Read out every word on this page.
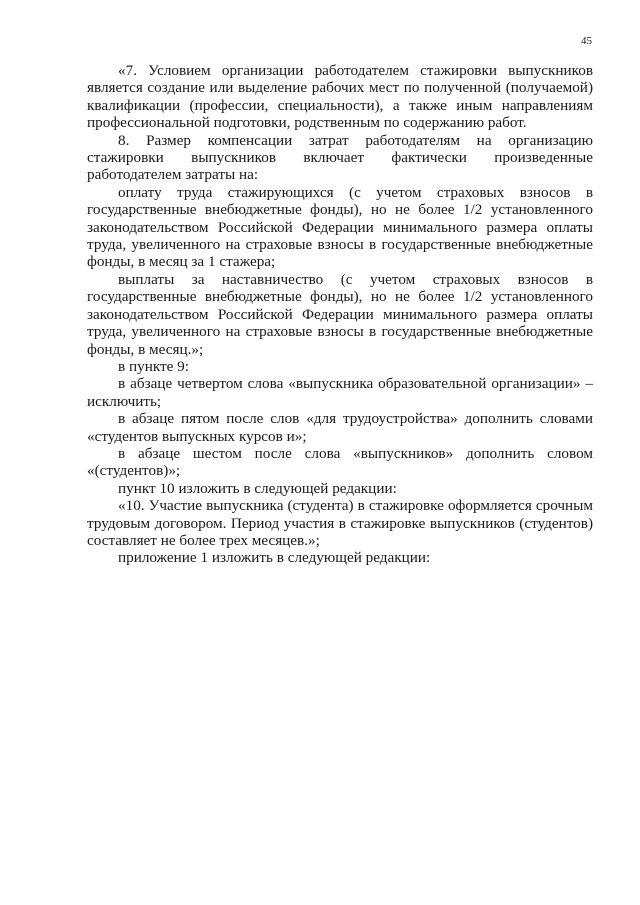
45

«7. Условием организации работодателем стажировки выпускников является создание или выделение рабочих мест по полученной (получаемой) квалификации (профессии, специальности), а также иным направлениям профессиональной подготовки, родственным по содержанию работ.

8. Размер компенсации затрат работодателям на организацию стажировки выпускников включает фактически произведенные работодателем затраты на:

оплату труда стажирующихся (с учетом страховых взносов в государственные внебюджетные фонды), но не более 1/2 установленного законодательством Российской Федерации минимального размера оплаты труда, увеличенного на страховые взносы в государственные внебюджетные фонды, в месяц за 1 стажера;

выплаты за наставничество (с учетом страховых взносов в государственные внебюджетные фонды), но не более 1/2 установленного законодательством Российской Федерации минимального размера оплаты труда, увеличенного на страховые взносы в государственные внебюджетные фонды, в месяц.»;

в пункте 9:

в абзаце четвертом слова «выпускника образовательной организации» – исключить;

в абзаце пятом после слов «для трудоустройства» дополнить словами «студентов выпускных курсов и»;

в абзаце шестом после слова «выпускников» дополнить словом «(студентов)»;

пункт 10 изложить в следующей редакции:

«10. Участие выпускника (студента) в стажировке оформляется срочным трудовым договором. Период участия в стажировке выпускников (студентов) составляет не более трех месяцев.»;

приложение 1 изложить в следующей редакции:
